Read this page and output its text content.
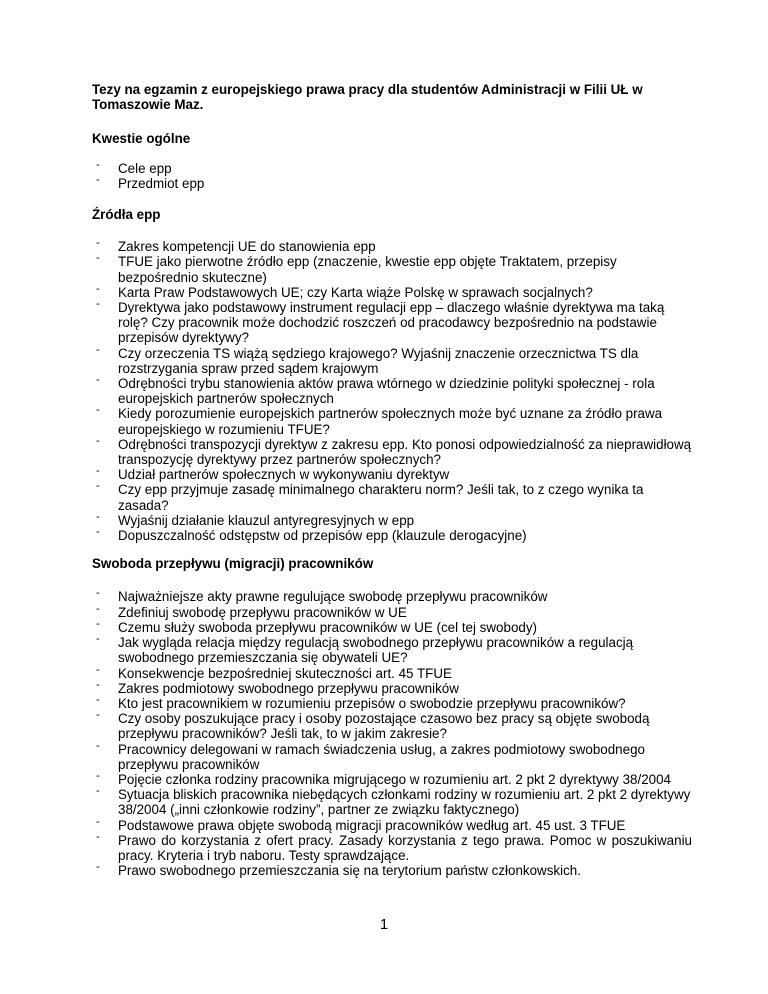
Tezy na egzamin z europejskiego prawa pracy dla studentów Administracji w Filii UŁ w Tomaszowie Maz.

Kwestie ogólne

- Cele epp
- Przedmiot epp

Źródła epp

- Zakres kompetencji UE do stanowienia epp
- TFUE jako pierwotne źródło epp (znaczenie, kwestie epp objęte Traktatem, przepisy bezpośrednio skuteczne)
- Karta Praw Podstawowych UE; czy Karta wiąże Polskę w sprawach socjalnych?
- Dyrektywa jako podstawowy instrument regulacji epp – dlaczego właśnie dyrektywa ma taką rolę? Czy pracownik może dochodzić roszczeń od pracodawcy bezpośrednio na podstawie przepisów dyrektywy?
- Czy orzeczenia TS wiążą sędziego krajowego? Wyjaśnij znaczenie orzecznictwa TS dla rozstrzygania spraw przed sądem krajowym
- Odrębności trybu stanowienia aktów prawa wtórnego w dziedzinie polityki społecznej - rola europejskich partnerów społecznych
- Kiedy porozumienie europejskich partnerów społecznych może być uznane za źródło prawa europejskiego w rozumieniu TFUE?
- Odrębności transpozycji dyrektyw z zakresu epp. Kto ponosi odpowiedzialność za nieprawidłową transpozycję dyrektywy przez partnerów społecznych?
- Udział partnerów społecznych w wykonywaniu dyrektyw
- Czy epp przyjmuje zasadę minimalnego charakteru norm? Jeśli tak, to z czego wynika ta zasada?
- Wyjaśnij działanie klauzul antyregresyjnych w epp
- Dopuszczalność odstępstw od przepisów epp (klauzule derogacyjne)

Swoboda przepływu (migracji) pracowników

- Najważniejsze akty prawne regulujące swobodę przepływu pracowników
- Zdefiniuj swobodę przepływu pracowników w UE
- Czemu służy swoboda przepływu pracowników w UE (cel tej swobody)
- Jak wygląda relacja między regulacją swobodnego przepływu pracowników a regulacją swobodnego przemieszczania się obywateli UE?
- Konsekwencje bezpośredniej skuteczności art. 45 TFUE
- Zakres podmiotowy swobodnego przepływu pracowników
- Kto jest pracownikiem w rozumieniu przepisów o swobodzie przepływu pracowników?
- Czy osoby poszukujące pracy i osoby pozostające czasowo bez pracy są objęte swobodą przepływu pracowników? Jeśli tak, to w jakim zakresie?
- Pracownicy delegowani w ramach świadczenia usług, a zakres podmiotowy swobodnego przepływu pracowników
- Pojęcie członka rodziny pracownika migrującego w rozumieniu art. 2 pkt 2 dyrektywy 38/2004
- Sytuacja bliskich pracownika niebędących członkami rodziny w rozumieniu art. 2 pkt 2 dyrektywy 38/2004 („inni członkowie rodziny”, partner ze związku faktycznego)
- Podstawowe prawa objęte swobodą migracji pracowników według art. 45 ust. 3 TFUE
- Prawo do korzystania z ofert pracy. Zasady korzystania z tego prawa. Pomoc w poszukiwaniu pracy. Kryteria i tryb naboru. Testy sprawdzające.
- Prawo swobodnego przemieszczania się na terytorium państw członkowskich.
1
